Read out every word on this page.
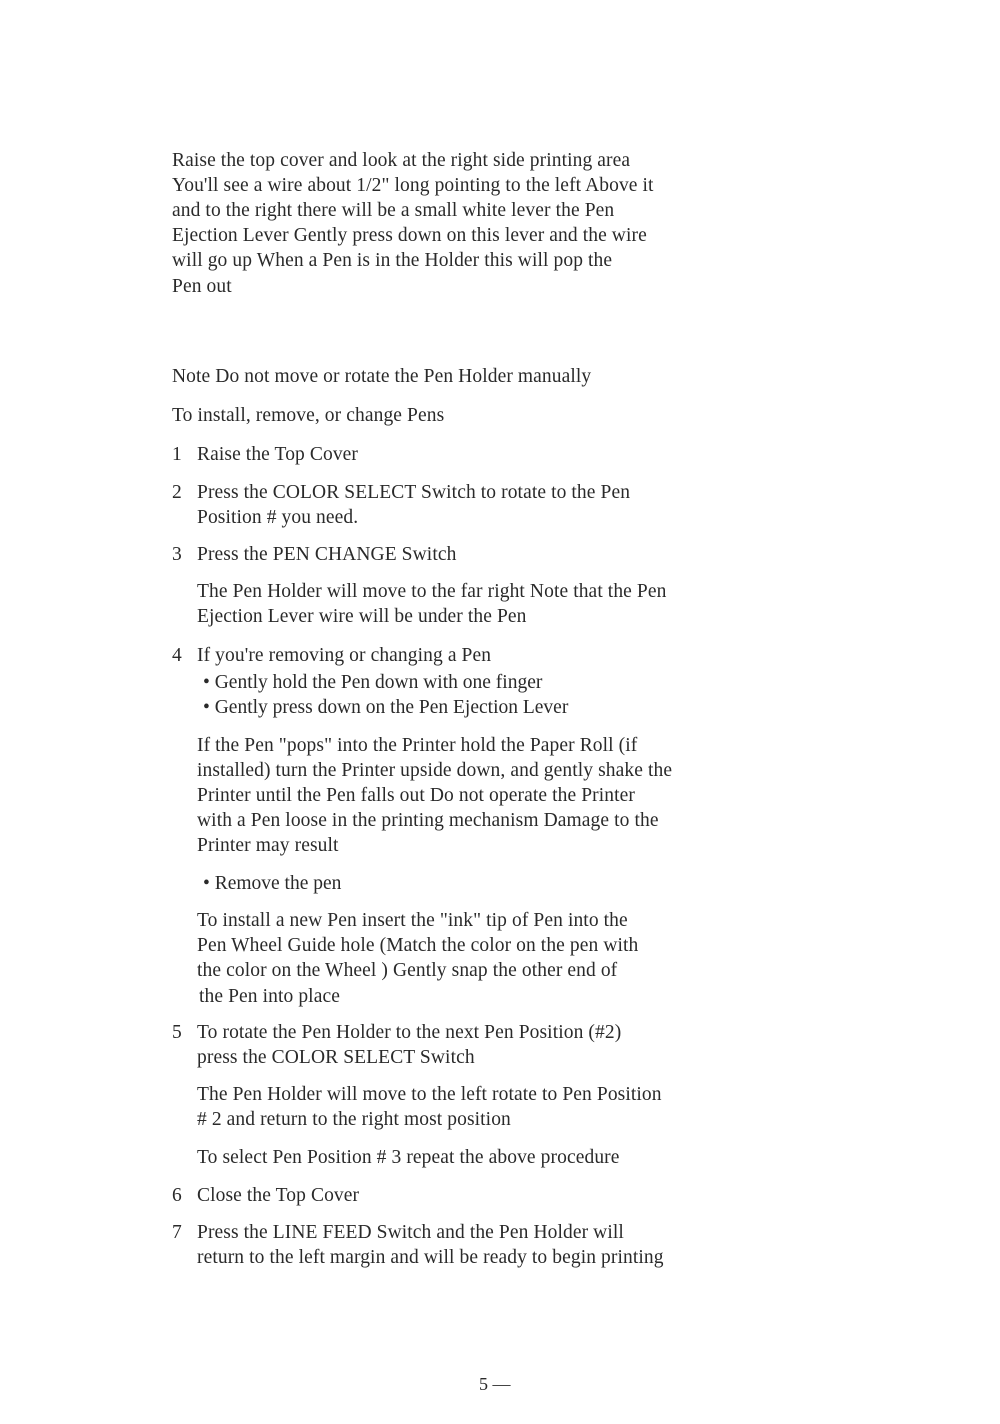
Raise the top cover and look at the right side printing area
You'll see a wire about 1/2" long pointing to the left Above it
and to the right there will be a small white lever the Pen
Ejection Lever Gently press down on this lever and the wire
will go up When a Pen is in the Holder this will pop the
Pen out
Note Do not move or rotate the Pen Holder manually
To install, remove, or change Pens
1 Raise the Top Cover
2 Press the COLOR SELECT Switch to rotate to the Pen
Position # you need.
3 Press the PEN CHANGE Switch
The Pen Holder will move to the far right Note that the Pen
Ejection Lever wire will be under the Pen
4 If you're removing or changing a Pen
• Gently hold the Pen down with one finger
• Gently press down on the Pen Ejection Lever
If the Pen "pops" into the Printer hold the Paper Roll (if
installed) turn the Printer upside down, and gently shake the
Printer until the Pen falls out Do not operate the Printer
with a Pen loose in the printing mechanism Damage to the
Printer may result
• Remove the pen
To install a new Pen insert the "ink" tip of Pen into the
Pen Wheel Guide hole (Match the color on the pen with
the color on the Wheel ) Gently snap the other end of
the Pen into place
5 To rotate the Pen Holder to the next Pen Position (#2)
press the COLOR SELECT Switch
The Pen Holder will move to the left rotate to Pen Position
# 2 and return to the right most position
To select Pen Position # 3 repeat the above procedure
6 Close the Top Cover
7 Press the LINE FEED Switch and the Pen Holder will
return to the left margin and will be ready to begin printing
5 —
